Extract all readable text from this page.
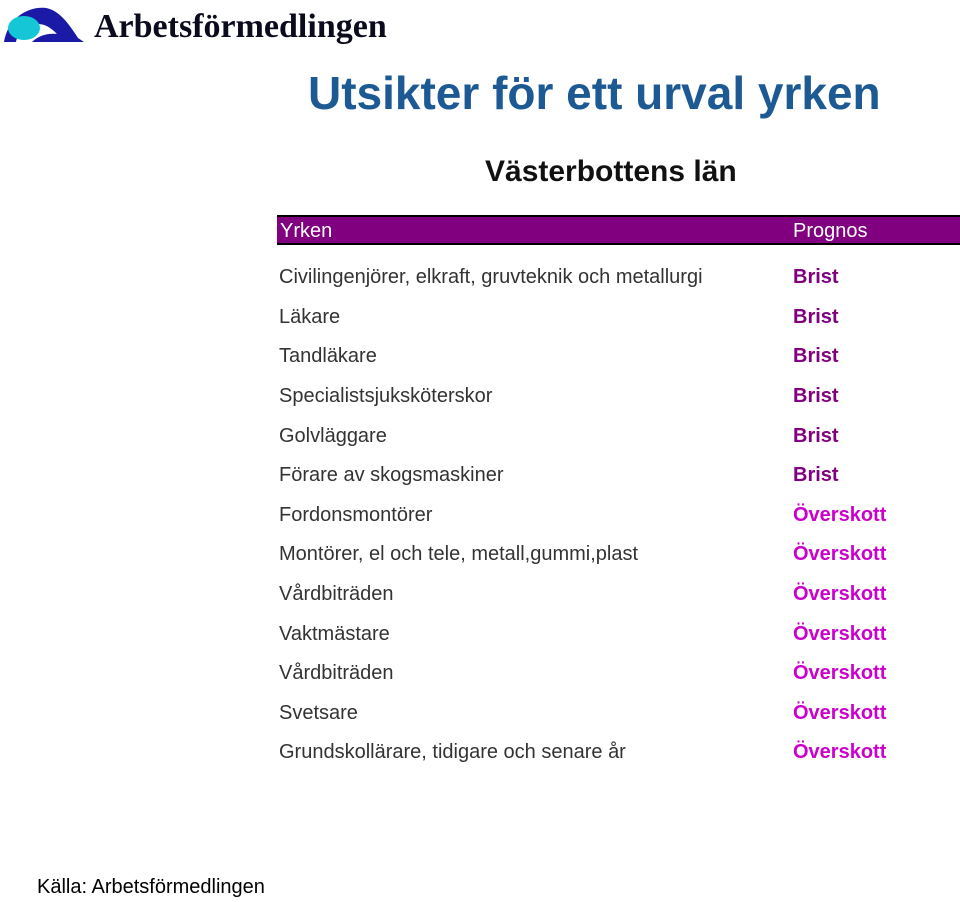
Arbetsförmedlingen
Utsikter för ett urval yrken
Västerbottens län
Yrken	Prognos
Civilingenjörer, elkraft, gruvteknik och metallurgi	Brist
Läkare	Brist
Tandläkare	Brist
Specialistsjuksköterskor	Brist
Golvläggare	Brist
Förare av skogsmaskiner	Brist
Fordonsmontörer	Överskott
Montörer, el och tele, metall,gummi,plast	Överskott
Vårdbiträden	Överskott
Vaktmästare	Överskott
Vårdbiträden	Överskott
Svetsare	Överskott
Grundskollärare, tidigare och senare år	Överskott
Källa: Arbetsförmedlingen
